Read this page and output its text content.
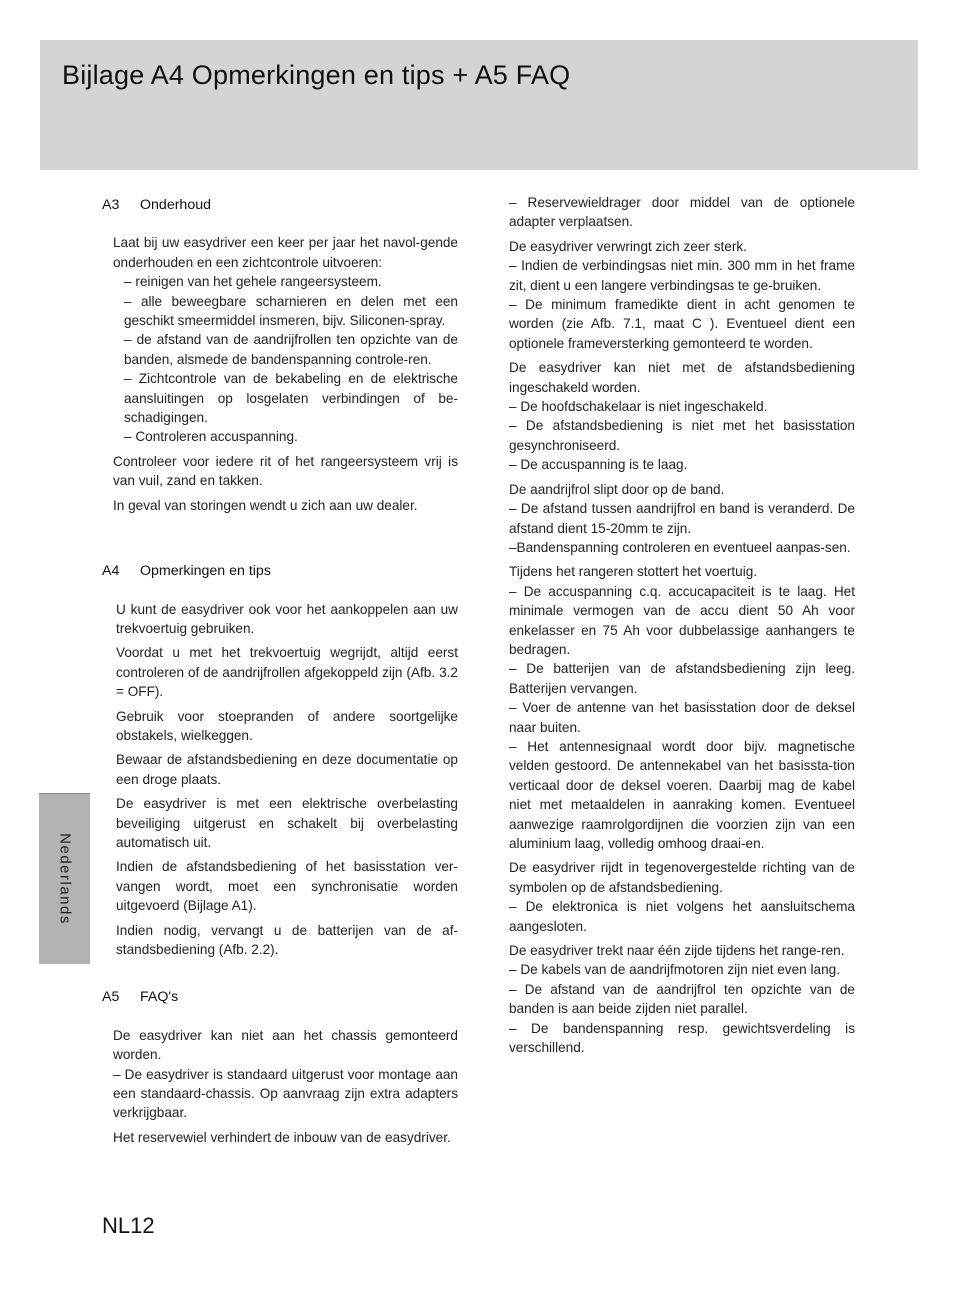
Bijlage A4 Opmerkingen en tips + A5 FAQ
A3	Onderhoud

Laat bij uw easydriver een keer per jaar het navol-gende onderhouden en een zichtcontrole uitvoeren:

– reinigen van het gehele rangeersysteem.

– alle beweegbare scharnieren en delen met een geschikt smeermiddel insmeren, bijv. Siliconen-spray.

– de afstand van de aandrijfrollen ten opzichte van de banden, alsmede de bandenspanning controle-ren.

– Zichtcontrole van de bekabeling en de elektrische aansluitingen op losgelaten verbindingen of be-schadigingen.

– Controleren accuspanning.

Controleer voor iedere rit of het rangeersysteem vrij is van vuil, zand en takken.

In geval van storingen wendt u zich aan uw dealer.

A4	Opmerkingen en tips

U kunt de easydriver ook voor het aankoppelen aan uw trekvoertuig gebruiken.

Voordat u met het trekvoertuig wegrijdt, altijd eerst controleren of de aandrijfrollen afgekoppeld zijn (Afb. 3.2 = OFF).

Gebruik voor stoepranden of andere soortgelijke obstakels, wielkeggen.

Bewaar de afstandsbediening en deze documentatie op een droge plaats.

De easydriver is met een elektrische overbelasting beveiliging uitgerust en schakelt bij overbelasting automatisch uit.

Indien de afstandsbediening of het basisstation ver-vangen wordt, moet een synchronisatie worden uitgevoerd (Bijlage A1).

Indien nodig, vervangt u de batterijen van de af-standsbediening (Afb. 2.2).

A5	FAQ's

De easydriver kan niet aan het chassis gemonteerd worden.

– De easydriver is standaard uitgerust voor montage aan een standaard-chassis. Op aanvraag zijn extra adapters verkrijgbaar.

Het reservewiel verhindert de inbouw van de easydriver.

– Reservewieldrager door middel van de optionele adapter verplaatsen.

De easydriver verwringt zich zeer sterk.

– Indien de verbindingsas niet min. 300 mm in het frame zit, dient u een langere verbindingsas te ge-bruiken.

– De minimum framedikte dient in acht genomen te worden (zie Afb. 7.1, maat C ). Eventueel dient een optionele frameversterking gemonteerd te worden.

De easydriver kan niet met de afstandsbediening ingeschakeld worden.

– De hoofdschakelaar is niet ingeschakeld.

– De afstandsbediening is niet met het basisstation gesynchroniseerd.

– De accuspanning is te laag.

De aandrijfrol slipt door op de band.

– De afstand tussen aandrijfrol en band is veranderd. De afstand dient 15-20mm te zijn.

–Bandenspanning controleren en eventueel aanpas-sen.

Tijdens het rangeren stottert het voertuig.

– De accuspanning c.q. accucapaciteit is te laag. Het minimale vermogen van de accu dient 50 Ah voor enkelasser en 75 Ah voor dubbelassige aanhangers te bedragen.

– De batterijen van de afstandsbediening zijn leeg. Batterijen vervangen.

– Voer de antenne van het basisstation door de deksel naar buiten.

– Het antennesignaal wordt door bijv. magnetische velden gestoord. De antennekabel van het basissta-tion verticaal door de deksel voeren. Daarbij mag de kabel niet met metaaldelen in aanraking komen. Eventueel aanwezige raamrolgordijnen die voorzien zijn van een aluminium laag, volledig omhoog draai-en.

De easydriver rijdt in tegenovergestelde richting van de symbolen op de afstandsbediening.

– De elektronica is niet volgens het aansluitschema aangesloten.

De easydriver trekt naar één zijde tijdens het range-ren.

– De kabels van de aandrijfmotoren zijn niet even lang.

– De afstand van de aandrijfrol ten opzichte van de banden is aan beide zijden niet parallel.

– De bandenspanning resp. gewichtsverdeling is verschillend.

Nederlands
NL12
